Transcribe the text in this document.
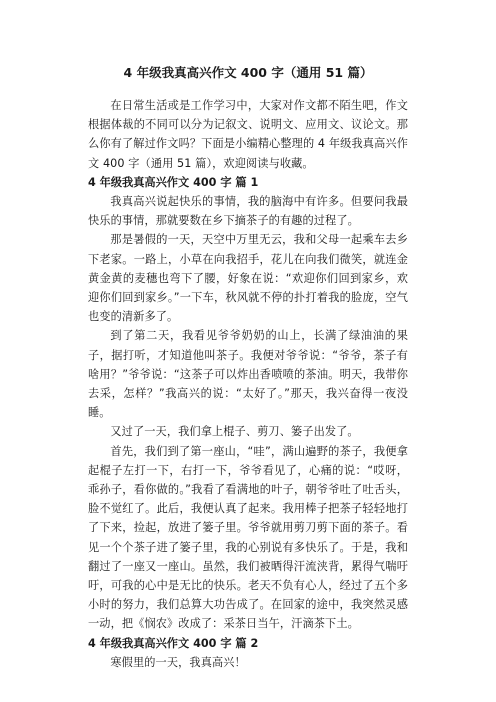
4 年级我真高兴作文 400 字（通用 51 篇）

在日常生活或是工作学习中，大家对作文都不陌生吧，作文根据体裁的不同可以分为记叙文、说明文、应用文、议论文。那么你有了解过作文吗？下面是小编精心整理的 4 年级我真高兴作文 400 字（通用 51 篇），欢迎阅读与收藏。

4 年级我真高兴作文 400 字 篇 1

我真高兴说起快乐的事情，我的脑海中有许多。但要问我最快乐的事情，那就要数在乡下摘茶子的有趣的过程了。

那是暑假的一天，天空中万里无云，我和父母一起乘车去乡下老家。一路上，小草在向我招手，花儿在向我们微笑，就连金黄金黄的麦穗也弯下了腰，好象在说：“欢迎你们回到家乡，欢迎你们回到家乡。”一下车，秋风就不停的扑打着我的脸庞，空气也变的清新多了。

到了第二天，我看见爷爷奶奶的山上，长满了绿油油的果子，据打听，才知道他叫茶子。我便对爷爷说：“爷爷，茶子有啥用？”爷爷说：“这茶子可以炸出香喷喷的茶油。明天，我带你去采，怎样？”我高兴的说：“太好了。”那天，我兴奋得一夜没睡。

又过了一天，我们拿上棍子、剪刀、篓子出发了。

首先，我们到了第一座山，“哇”，满山遍野的茶子，我便拿起棍子左打一下，右打一下，爷爷看见了，心痛的说：“哎呀，乖孙子，看你做的。”我看了看满地的叶子，朝爷爷吐了吐舌头，脸不觉红了。此后，我便认真了起来。我用棒子把茶子轻轻地打了下来，捡起，放进了篓子里。爷爷就用剪刀剪下面的茶子。看见一个个茶子进了篓子里，我的心别说有多快乐了。于是，我和翻过了一座又一座山。虽然，我们被晒得汗流浃背，累得气喘吁吁，可我的心中是无比的快乐。老天不负有心人，经过了五个多小时的努力，我们总算大功告成了。在回家的途中，我突然灵感一动，把《悯农》改成了：采茶日当午，汗滴茶下土。

4 年级我真高兴作文 400 字 篇 2

寒假里的一天，我真高兴！
